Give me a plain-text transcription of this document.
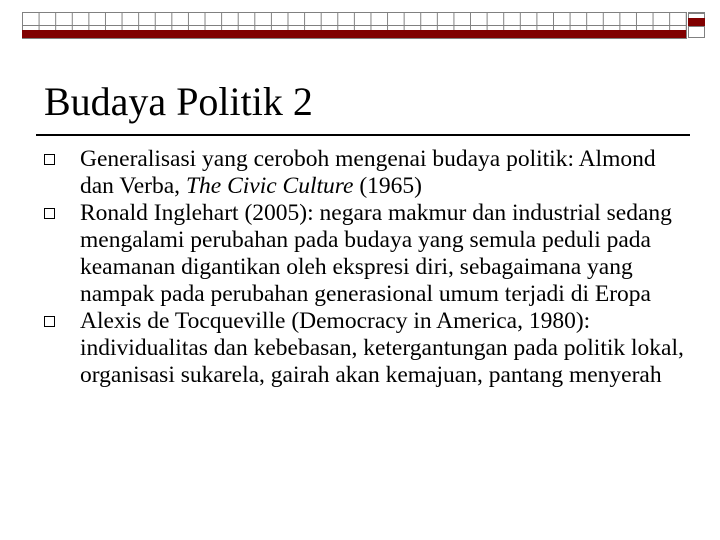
Budaya Politik 2
Generalisasi yang ceroboh mengenai budaya politik: Almond dan Verba, The Civic Culture (1965)
Ronald Inglehart (2005): negara makmur dan industrial sedang mengalami perubahan pada budaya yang semula peduli pada keamanan digantikan oleh ekspresi diri, sebagaimana yang nampak pada perubahan generasional umum terjadi di Eropa
Alexis de Tocqueville (Democracy in America, 1980): individualitas dan kebebasan, ketergantungan pada politik lokal, organisasi sukarela, gairah akan kemajuan, pantang menyerah
